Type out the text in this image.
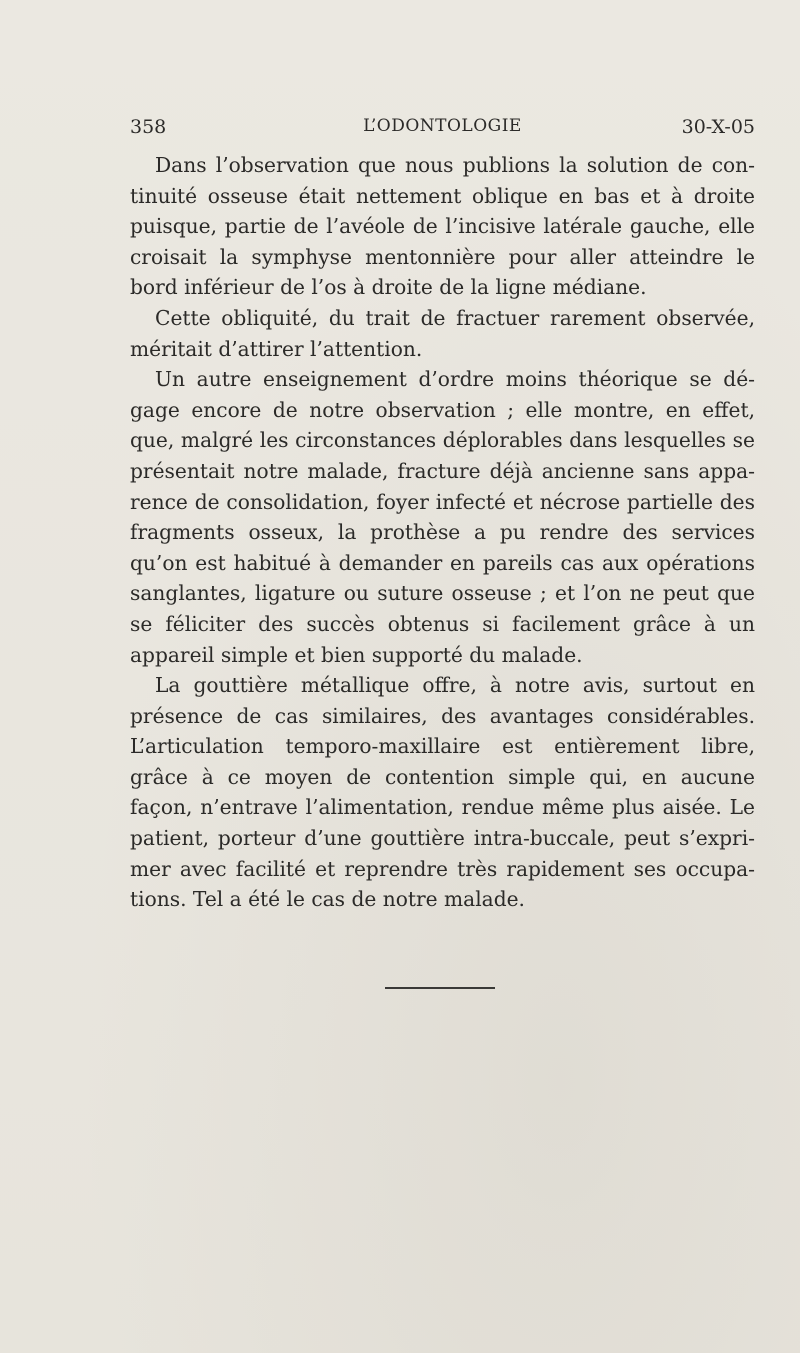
358	L’ODONTOLOGIE	30-X-05

Dans l’observation que nous publions la solution de continuité osseuse était nettement oblique en bas et à droite puisque, partie de l’avéole de l’incisive latérale gauche, elle croisait la symphyse mentonnière pour aller atteindre le bord inférieur de l’os à droite de la ligne médiane.

Cette obliquité, du trait de fractuer rarement observée, méritait d’attirer l’attention.

Un autre enseignement d’ordre moins théorique se dégage encore de notre observation ; elle montre, en effet, que, malgré les circonstances déplorables dans lesquelles se présentait notre malade, fracture déjà ancienne sans apparence de consolidation, foyer infecté et nécrose partielle des fragments osseux, la prothèse a pu rendre des services qu’on est habitué à demander en pareils cas aux opérations sanglantes, ligature ou suture osseuse ; et l’on ne peut que se féliciter des succès obtenus si facilement grâce à un appareil simple et bien supporté du malade.

La gouttière métallique offre, à notre avis, surtout en présence de cas similaires, des avantages considérables. L’articulation temporo-maxillaire est entièrement libre, grâce à ce moyen de contention simple qui, en aucune façon, n’entrave l’alimentation, rendue même plus aisée. Le patient, porteur d’une gouttière intra-buccale, peut s’exprimer avec facilité et reprendre très rapidement ses occupations. Tel a été le cas de notre malade.
